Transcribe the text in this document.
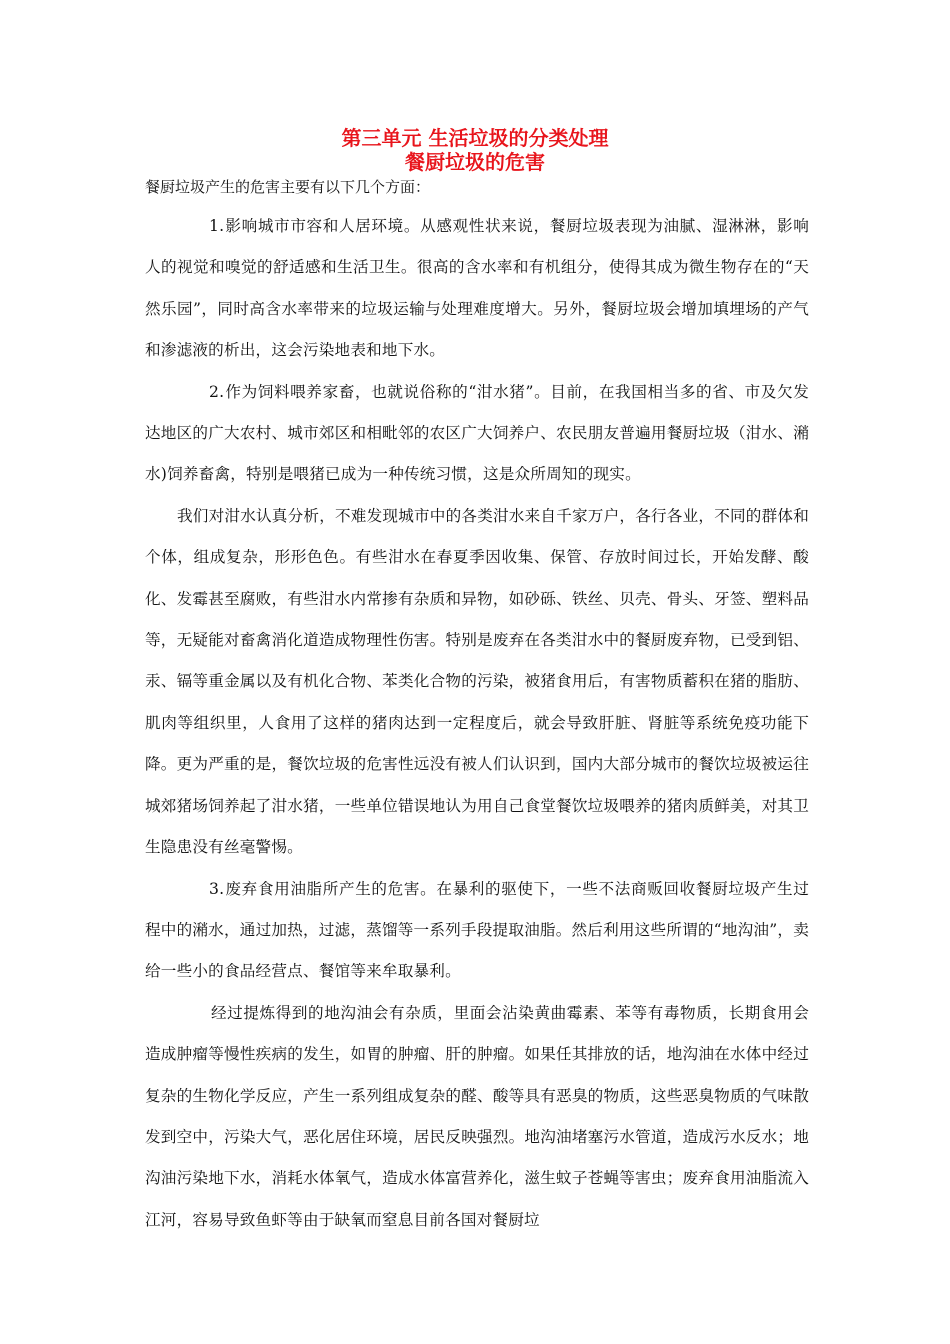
第三单元 生活垃圾的分类处理
餐厨垃圾的危害
餐厨垃圾产生的危害主要有以下几个方面：

1.影响城市市容和人居环境。从感观性状来说，餐厨垃圾表现为油腻、湿淋淋，影响人的视觉和嗅觉的舒适感和生活卫生。很高的含水率和有机组分，使得其成为微生物存在的“天然乐园”，同时高含水率带来的垃圾运输与处理难度增大。另外，餐厨垃圾会增加填埋场的产气和渗滤液的析出，这会污染地表和地下水。

2.作为饲料喂养家畜，也就说俗称的“泔水猪”。目前，在我国相当多的省、市及欠发达地区的广大农村、城市郊区和相毗邻的农区广大饲养户、农民朋友普遍用餐厨垃圾（泔水、潲水)饲养畜禽，特别是喂猪已成为一种传统习惯，这是众所周知的现实。

我们对泔水认真分析，不难发现城市中的各类泔水来自千家万户，各行各业，不同的群体和个体，组成复杂，形形色色。有些泔水在春夏季因收集、保管、存放时间过长，开始发酵、酸化、发霉甚至腐败，有些泔水内常掺有杂质和异物，如砂砾、铁丝、贝壳、骨头、牙签、塑料品等，无疑能对畜禽消化道造成物理性伤害。特别是废弃在各类泔水中的餐厨废弃物，已受到铝、汞、镉等重金属以及有机化合物、苯类化合物的污染，被猪食用后，有害物质蓄积在猪的脂肪、肌肉等组织里，人食用了这样的猪肉达到一定程度后，就会导致肝脏、肾脏等系统免疫功能下降。更为严重的是，餐饮垃圾的危害性远没有被人们认识到，国内大部分城市的餐饮垃圾被运往城郊猪场饲养起了泔水猪，一些单位错误地认为用自己食堂餐饮垃圾喂养的猪肉质鲜美，对其卫生隐患没有丝毫警惕。

3.废弃食用油脂所产生的危害。在暴利的驱使下，一些不法商贩回收餐厨垃圾产生过程中的潲水，通过加热，过滤，蒸馏等一系列手段提取油脂。然后利用这些所谓的“地沟油”，卖给一些小的食品经营点、餐馆等来牟取暴利。

经过提炼得到的地沟油会有杂质，里面会沾染黄曲霉素、苯等有毒物质，长期食用会造成肿瘤等慢性疾病的发生，如胃的肿瘤、肝的肿瘤。如果任其排放的话，地沟油在水体中经过复杂的生物化学反应，产生一系列组成复杂的醛、酸等具有恶臭的物质，这些恶臭物质的气味散发到空中，污染大气，恶化居住环境，居民反映强烈。地沟油堵塞污水管道，造成污水反水；地沟油污染地下水，消耗水体氧气，造成水体富营养化，滋生蚊子苍蝇等害虫；废弃食用油脂流入江河，容易导致鱼虾等由于缺氧而窒息目前各国对餐厨垃
